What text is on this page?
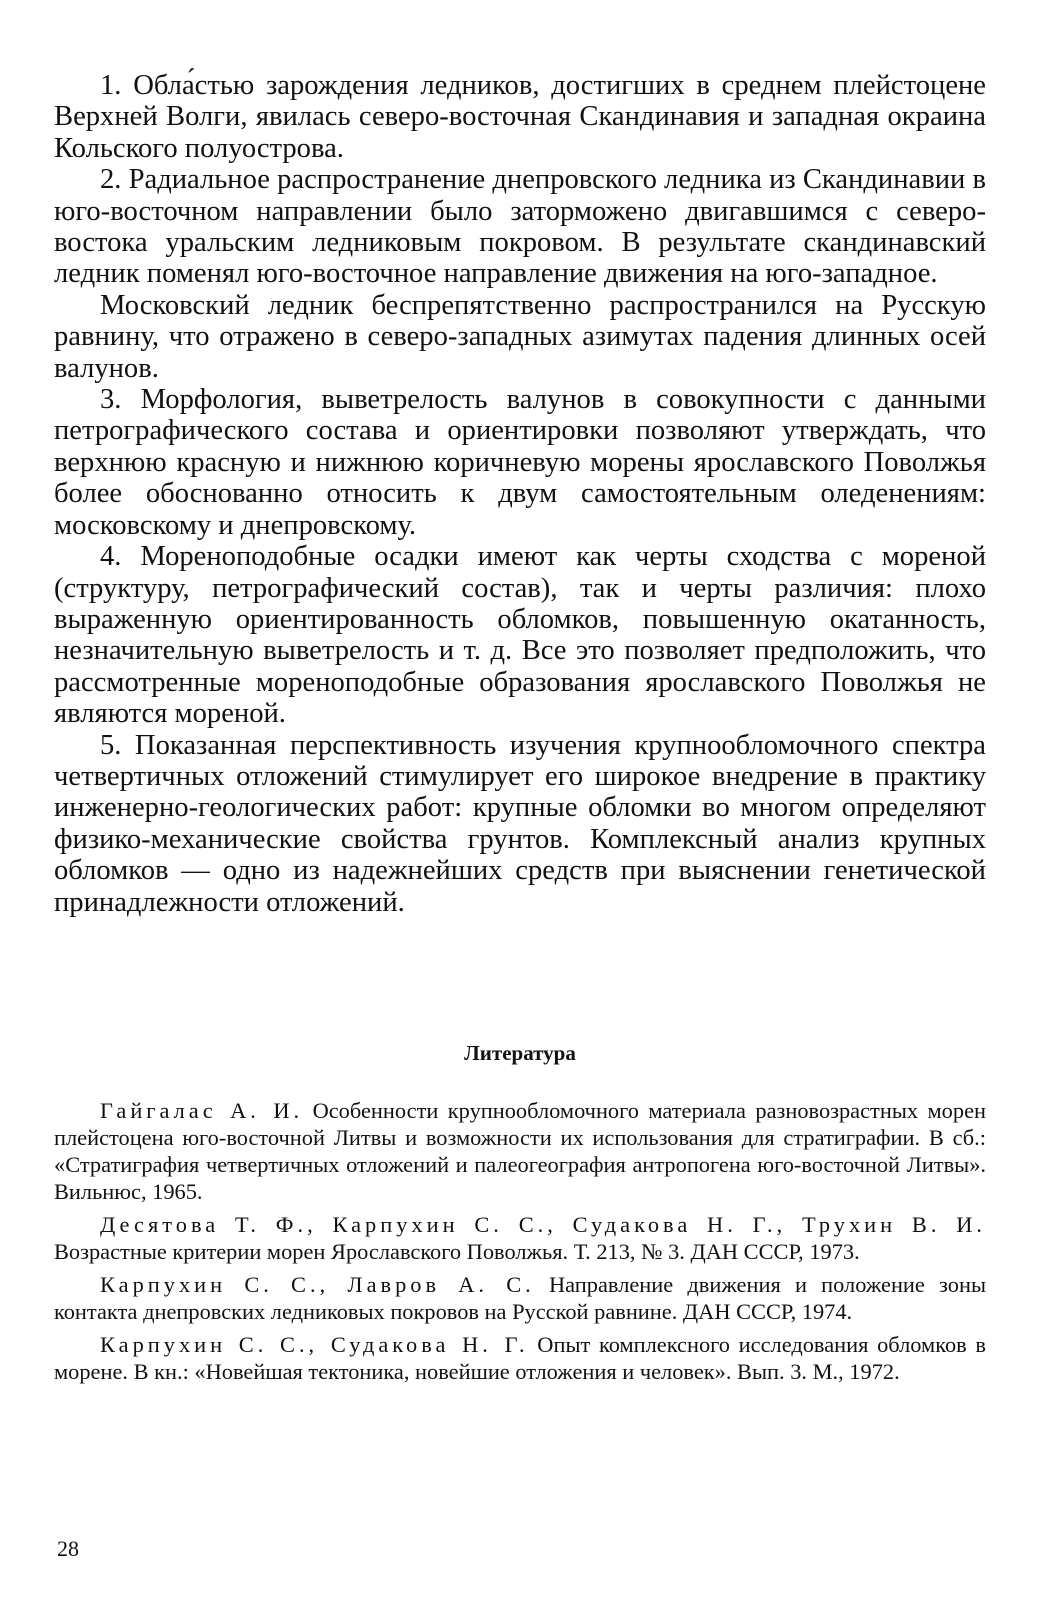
1. Обла́стью зарождения ледников, достигших в среднем плейстоцене Верхней Волги, явилась северо-восточная Скандинавия и западная окраина Кольского полуострова.

2. Радиальное распространение днепровского ледника из Скандинавии в юго-восточном направлении было заторможено двигавшимся с северо-востока уральским ледниковым покровом. В результате скандинавский ледник поменял юго-восточное направление движения на юго-западное.

Московский ледник беспрепятственно распространился на Русскую равнину, что отражено в северо-западных азимутах падения длинных осей валунов.

3. Морфология, выветрелость валунов в совокупности с данными петрографического состава и ориентировки позволяют утверждать, что верхнюю красную и нижнюю коричневую морены ярославского Поволжья более обоснованно относить к двум самостоятельным оледенениям: московскому и днепровскому.

4. Мореноподобные осадки имеют как черты сходства с мореной (структуру, петрографический состав), так и черты различия: плохо выраженную ориентированность обломков, повышенную окатанность, незначительную выветрелость и т. д. Все это позволяет предположить, что рассмотренные мореноподобные образования ярославского Поволжья не являются мореной.

5. Показанная перспективность изучения крупнообломочного спектра четвертичных отложений стимулирует его широкое внедрение в практику инженерно-геологических работ: крупные обломки во многом определяют физико-механические свойства грунтов. Комплексный анализ крупных обломков — одно из надежнейших средств при выяснении генетической принадлежности отложений.

Литература

Гайгалас А. И. Особенности крупнообломочного материала разновозрастных морен плейстоцена юго-восточной Литвы и возможности их использования для стратиграфии. В сб.: «Стратиграфия четвертичных отложений и палеогеография антропогена юго-восточной Литвы». Вильнюс, 1965.

Десятова Т. Ф., Карпухин С. С., Судакова Н. Г., Трухин В. И. Возрастные критерии морен Ярославского Поволжья. Т. 213, № 3. ДАН СССР, 1973.

Карпухин С. С., Лавров А. С. Направление движения и положение зоны контакта днепровских ледниковых покровов на Русской равнине. ДАН СССР, 1974.

Карпухин С. С., Судакова Н. Г. Опыт комплексного исследования обломков в морене. В кн.: «Новейшая тектоника, новейшие отложения и человек». Вып. 3. М., 1972.

28
